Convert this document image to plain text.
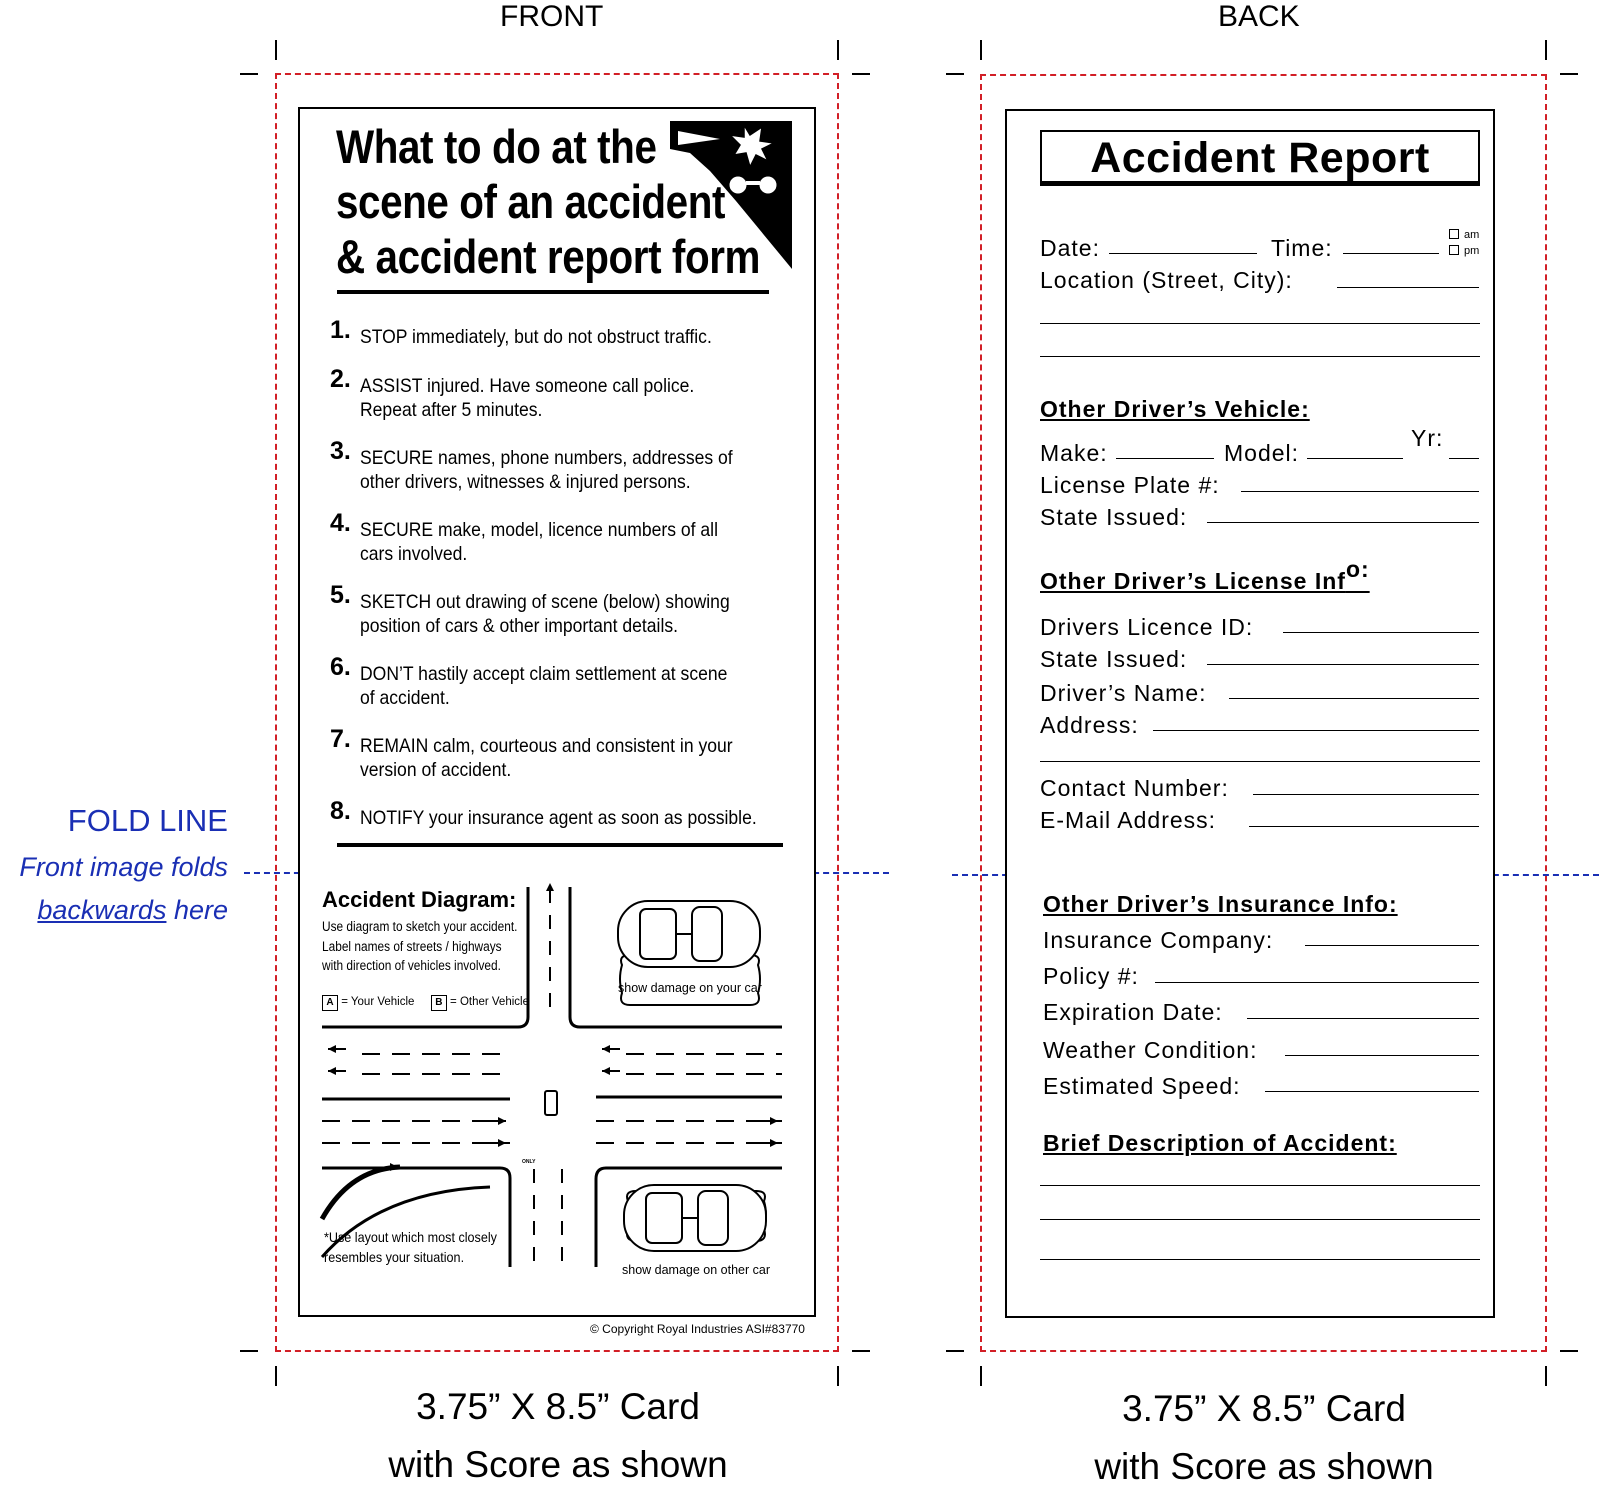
FRONT	BACK
FOLD LINE
Front image folds
backwards here
What to do at the
scene of an accident
& accident report form
1. STOP immediately, but do not obstruct traffic.
2. ASSIST injured. Have someone call police.
Repeat after 5 minutes.
3. SECURE names, phone numbers, addresses of
other drivers, witnesses & injured persons.
4. SECURE make, model, licence numbers of all
cars involved.
5. SKETCH out drawing of scene (below) showing
position of cars & other important details.
6. DON’T hastily accept claim settlement at scene
of accident.
7. REMAIN calm, courteous and consistent in your
version of accident.
8. NOTIFY your insurance agent as soon as possible.
Accident Diagram:
Use diagram to sketch your accident.
Label names of streets / highways
with direction of vehicles involved.
A = Your Vehicle B = Other Vehicle
show damage on your car
show damage on other car
*Use layout which most closely
resembles your situation.
ONLY
© Copyright Royal Industries ASI#83770
Accident Report
Date:	Time:	am
pm
Location (Street, City):
Other Driver’s Vehicle:
Make:	Model:
Yr:
License Plate #:
State Issued:
Other Driver’s License Info:
Drivers Licence ID:
State Issued:
Driver’s Name:
Address:
Contact Number:
E-Mail Address:
Other Driver’s Insurance Info:
Insurance Company:
Policy #:
Expiration Date:
Weather Condition:
Estimated Speed:
Brief Description of Accident:
3.75” X 8.5” Card
with Score as shown
3.75” X 8.5” Card
with Score as shown
